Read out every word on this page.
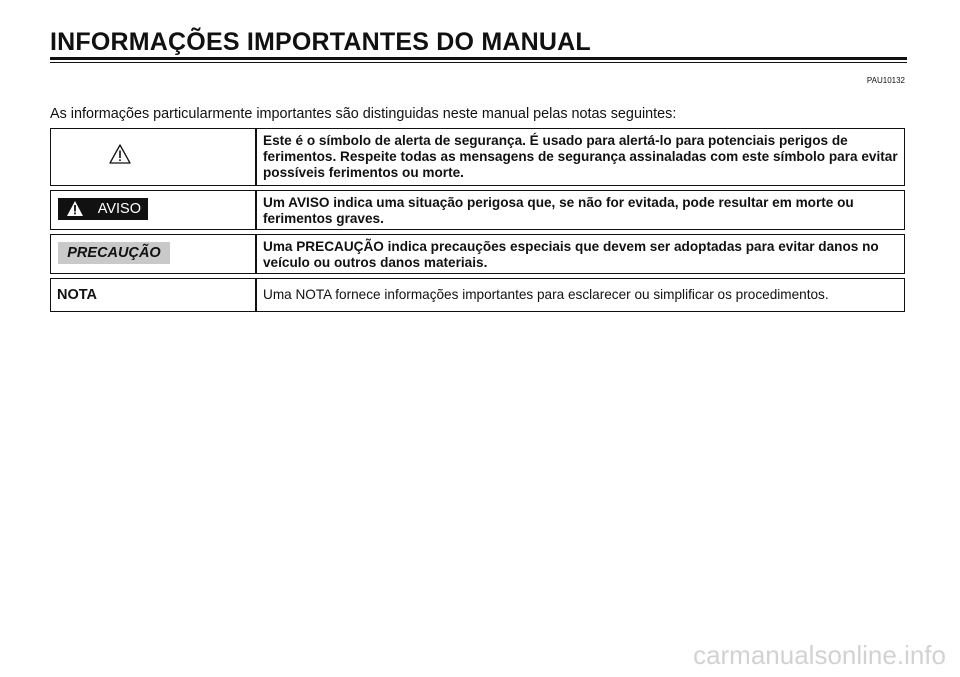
INFORMAÇÕES IMPORTANTES DO MANUAL
PAU10132
As informações particularmente importantes são distinguidas neste manual pelas notas seguintes:
Este é o símbolo de alerta de segurança. É usado para alertá-lo para potenciais perigos de ferimentos. Respeite todas as mensagens de segurança assinaladas com este símbolo para evitar possíveis ferimentos ou morte.
AVISO	Um AVISO indica uma situação perigosa que, se não for evitada, pode resultar em morte ou ferimentos graves.
PRECAUÇÃO	Uma PRECAUÇÃO indica precauções especiais que devem ser adoptadas para evitar danos no veículo ou outros danos materiais.
NOTA	Uma NOTA fornece informações importantes para esclarecer ou simplificar os procedimentos.
carmanualsonline.info
